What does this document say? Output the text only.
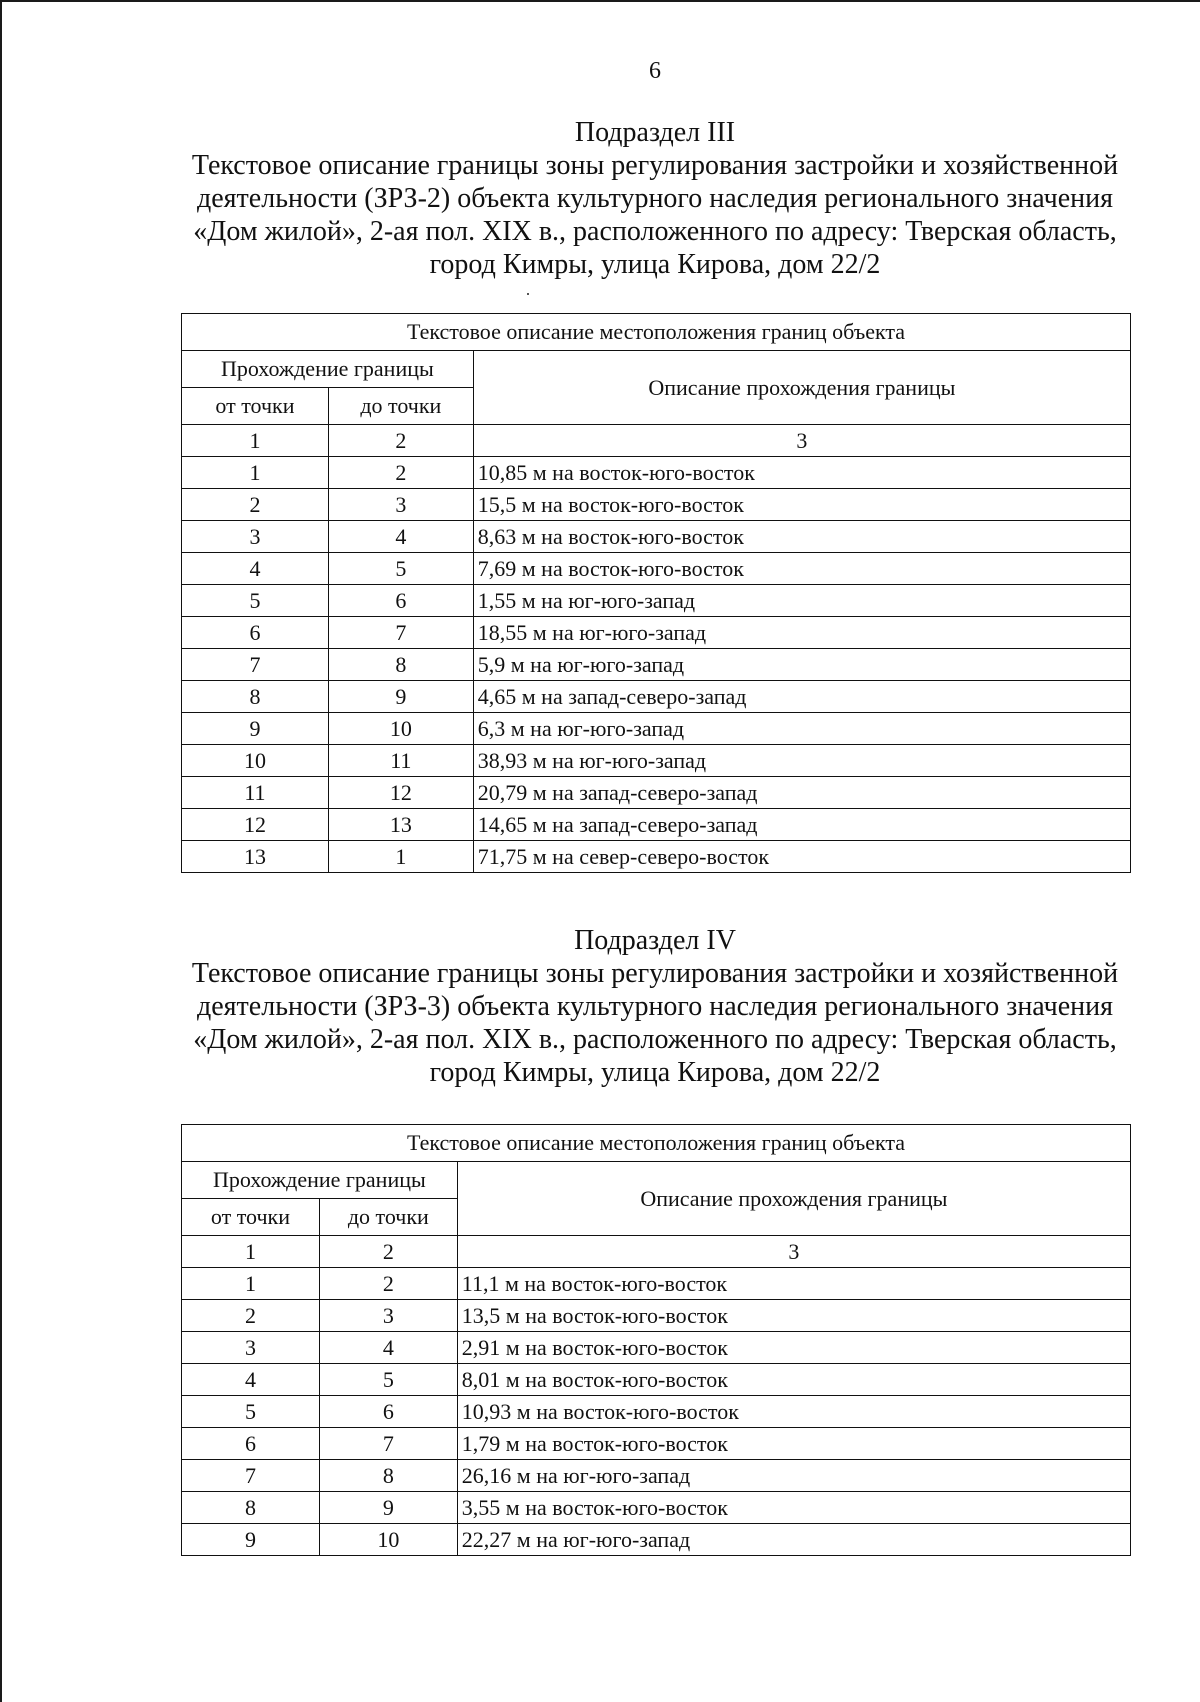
6
Подраздел III
Текстовое описание границы зоны регулирования застройки и хозяйственной
деятельности (ЗРЗ-2) объекта культурного наследия регионального значения
«Дом жилой», 2-ая пол. XIX в., расположенного по адресу: Тверская область,
город Кимры, улица Кирова, дом 22/2
Текстовое описание местоположения границ объекта		
Прохождение границы		Описание прохождения границы
от точки	до точки	
1	2	3
1	2	10,85 м на восток-юго-восток
2	3	15,5 м на восток-юго-восток
3	4	8,63 м на восток-юго-восток
4	5	7,69 м на восток-юго-восток
5	6	1,55 м на юг-юго-запад
6	7	18,55 м на юг-юго-запад
7	8	5,9 м на юг-юго-запад
8	9	4,65 м на запад-северо-запад
9	10	6,3 м на юг-юго-запад
10	11	38,93 м на юг-юго-запад
11	12	20,79 м на запад-северо-запад
12	13	14,65 м на запад-северо-запад
13	1	71,75 м на север-северо-восток
Подраздел IV
Текстовое описание границы зоны регулирования застройки и хозяйственной
деятельности (ЗРЗ-3) объекта культурного наследия регионального значения
«Дом жилой», 2-ая пол. XIX в., расположенного по адресу: Тверская область,
город Кимры, улица Кирова, дом 22/2
Текстовое описание местоположения границ объекта		
Прохождение границы		Описание прохождения границы
от точки	до точки	
1	2	3
1	2	11,1 м на восток-юго-восток
2	3	13,5 м на восток-юго-восток
3	4	2,91 м на восток-юго-восток
4	5	8,01 м на восток-юго-восток
5	6	10,93 м на восток-юго-восток
6	7	1,79 м на восток-юго-восток
7	8	26,16 м на юг-юго-запад
8	9	3,55 м на восток-юго-восток
9	10	22,27 м на юг-юго-запад
